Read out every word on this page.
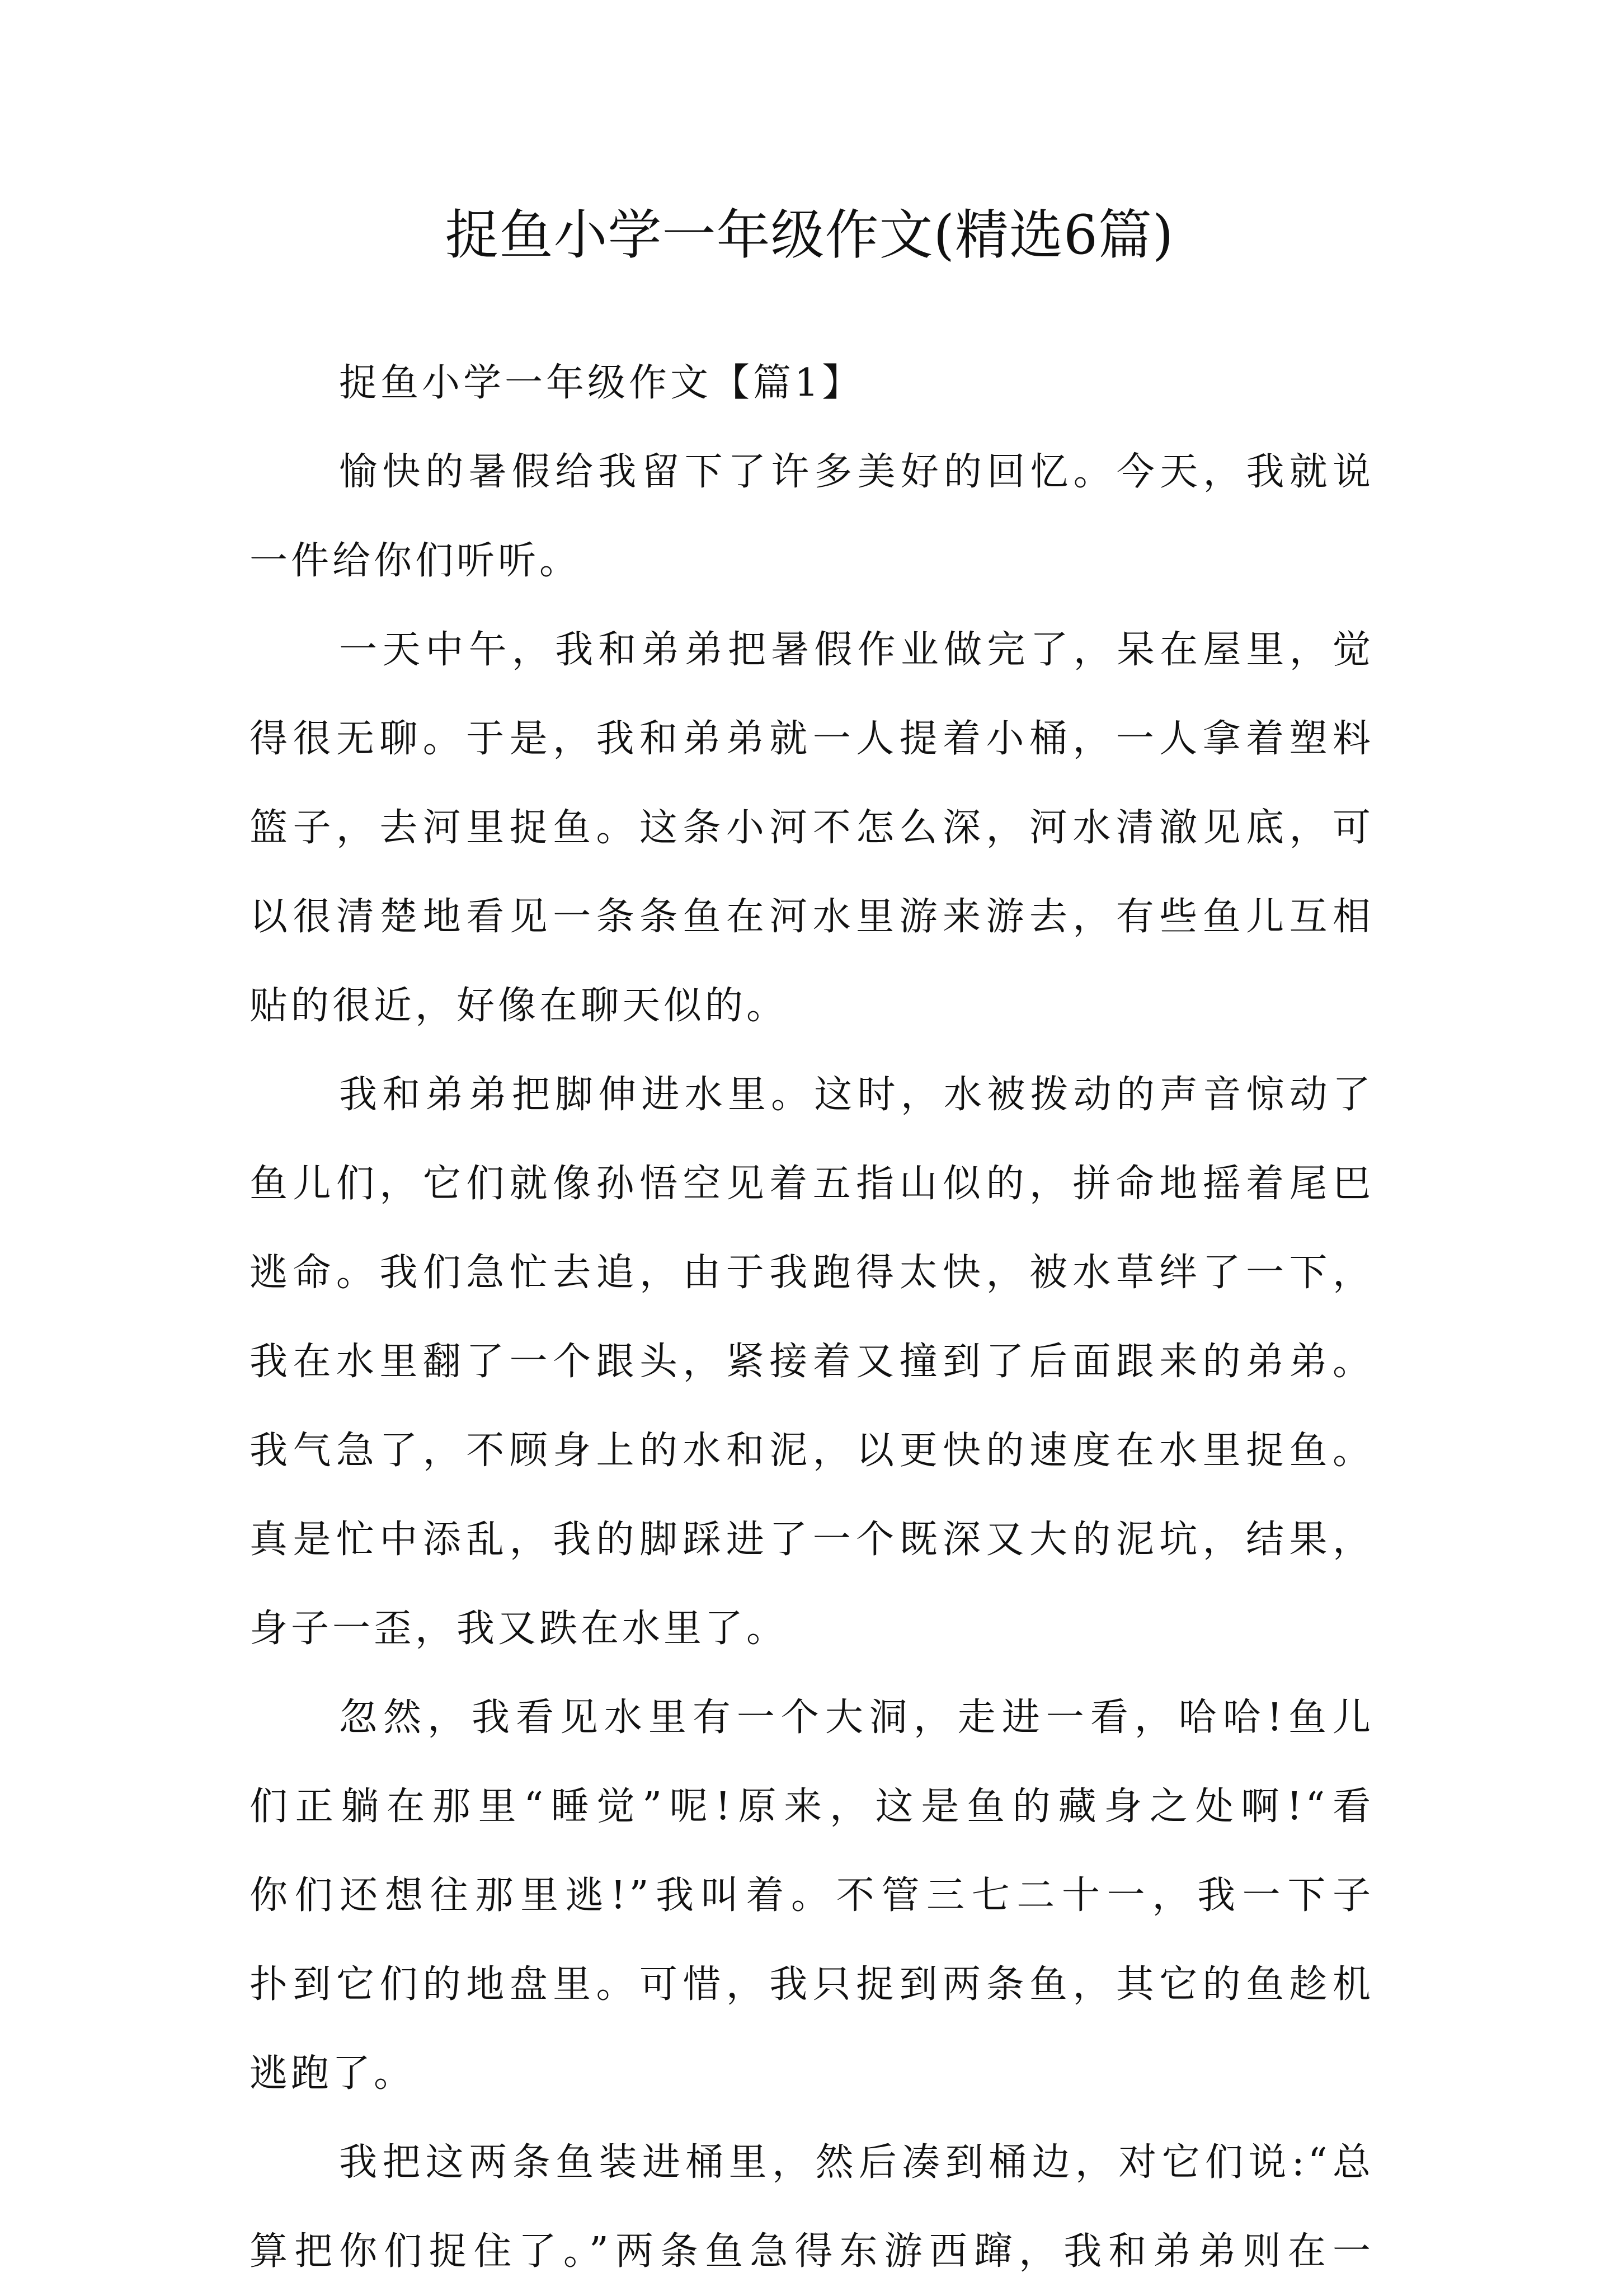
捉鱼小学一年级作文(精选6篇)

捉鱼小学一年级作文【篇1】

愉快的暑假给我留下了许多美好的回忆。今天，我就说
一件给你们听听。

一天中午，我和弟弟把暑假作业做完了，呆在屋里，觉
得很无聊。于是，我和弟弟就一人提着小桶，一人拿着塑料
篮子，去河里捉鱼。这条小河不怎么深，河水清澈见底，可
以很清楚地看见一条条鱼在河水里游来游去，有些鱼儿互相
贴的很近，好像在聊天似的。

我和弟弟把脚伸进水里。这时，水被拨动的声音惊动了
鱼儿们，它们就像孙悟空见着五指山似的，拼命地摇着尾巴
逃命。我们急忙去追，由于我跑得太快，被水草绊了一下，
我在水里翻了一个跟头，紧接着又撞到了后面跟来的弟弟。
我气急了，不顾身上的水和泥，以更快的速度在水里捉鱼。
真是忙中添乱，我的脚踩进了一个既深又大的泥坑，结果，
身子一歪，我又跌在水里了。

忽然，我看见水里有一个大洞，走进一看，哈哈!鱼儿
们正躺在那里“睡觉”呢!原来，这是鱼的藏身之处啊!“看
你们还想往那里逃!”我叫着。不管三七二十一，我一下子
扑到它们的地盘里。可惜，我只捉到两条鱼，其它的鱼趁机
逃跑了。

我把这两条鱼装进桶里，然后凑到桶边，对它们说:“总
算把你们捉住了。”两条鱼急得东游西蹿，我和弟弟则在一
